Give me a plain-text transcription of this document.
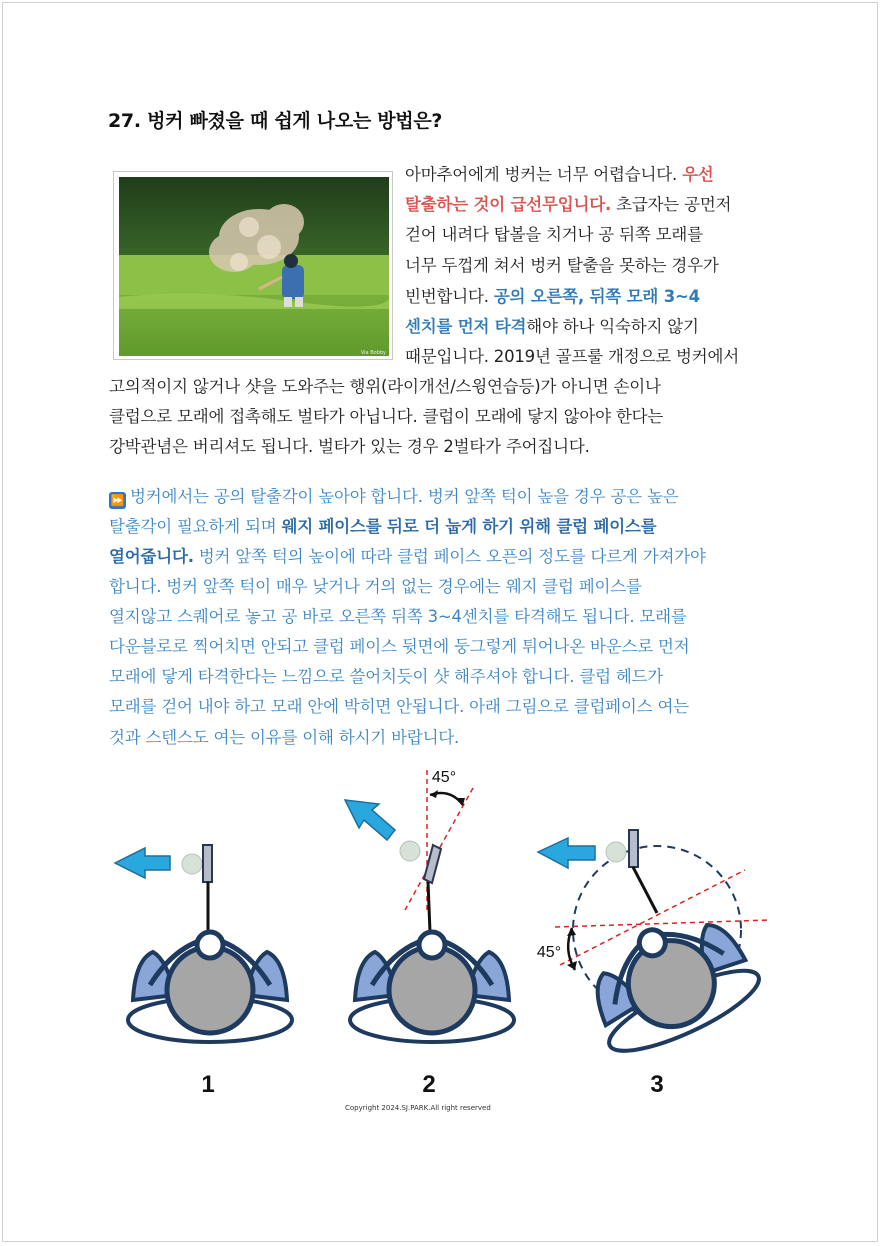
27. 벙커 빠졌을 때 쉽게 나오는 방법은?
Via Bobby
아마추어에게 벙커는 너무 어렵습니다. 우선
탈출하는 것이 급선무입니다. 초급자는 공먼저
걷어 내려다 탑볼을 치거나 공 뒤쪽 모래를
너무 두껍게 쳐서 벙커 탈출을 못하는 경우가
빈번합니다. 공의 오른쪽, 뒤쪽 모래 3~4
센치를 먼저 타격해야 하나 익숙하지 않기
때문입니다. 2019년 골프룰 개정으로 벙커에서
고의적이지 않거나 샷을 도와주는 행위(라이개선/스윙연습등)가 아니면 손이나
클럽으로 모래에 접촉해도 벌타가 아닙니다. 클럽이 모래에 닿지 않아야 한다는
강박관념은 버리셔도 됩니다. 벌타가 있는 경우 2벌타가 주어집니다.
⏩ 벙커에서는 공의 탈출각이 높아야 합니다. 벙커 앞쪽 턱이 높을 경우 공은 높은
탈출각이 필요하게 되며 웨지 페이스를 뒤로 더 눕게 하기 위해 클럽 페이스를
열어줍니다. 벙커 앞쪽 턱의 높이에 따라 클럽 페이스 오픈의 정도를 다르게 가져가야
합니다. 벙커 앞쪽 턱이 매우 낮거나 거의 없는 경우에는 웨지 클럽 페이스를
열지않고 스퀘어로 놓고 공 바로 오른쪽 뒤쪽 3~4센치를 타격해도 됩니다. 모래를
다운블로로 찍어치면 안되고 클럽 페이스 뒷면에 둥그렇게 튀어나온 바운스로 먼저
모래에 닿게 타격한다는 느낌으로 쓸어치듯이 샷 해주셔야 합니다. 클럽 헤드가
모래를 걷어 내야 하고 모래 안에 박히면 안됩니다. 아래 그림으로 클럽페이스 여는
것과 스텐스도 여는 이유를 이해 하시기 바랍니다.
45°
45°
1	2	3
Copyright 2024.SJ.PARK.All right reserved
